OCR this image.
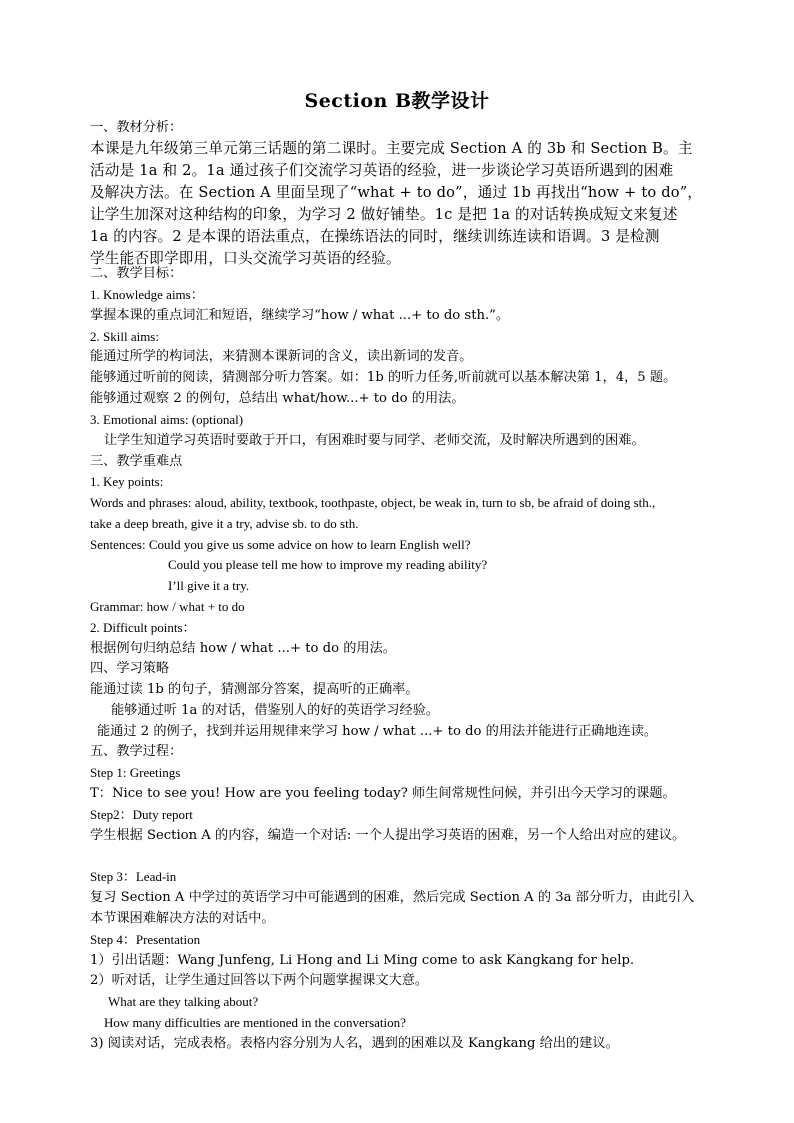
Section B教学设计
一、教材分析：
本课是九年级第三单元第三话题的第二课时。主要完成 Section A 的 3b 和 Section B。主
活动是 1a 和 2。1a 通过孩子们交流学习英语的经验，进一步谈论学习英语所遇到的困难
及解决方法。在 Section A 里面呈现了“what + to do”，通过 1b 再找出“how + to do”，
让学生加深对这种结构的印象，为学习 2 做好铺垫。1c 是把 1a 的对话转换成短文来复述
1a 的内容。2 是本课的语法重点，在操练语法的同时，继续训练连读和语调。3 是检测
学生能否即学即用，口头交流学习英语的经验。
二、教学目标：
1. Knowledge aims：
掌握本课的重点词汇和短语，继续学习“how / what ...+ to do sth.”。
2. Skill aims:
能通过所学的构词法，来猜测本课新词的含义，读出新词的发音。
能够通过听前的阅读，猜测部分听力答案。如：1b 的听力任务,听前就可以基本解决第 1，4，5 题。
能够通过观察 2 的例句，总结出 what/how...+ to do 的用法。
3. Emotional aims: (optional)
让学生知道学习英语时要敢于开口，有困难时要与同学、老师交流，及时解决所遇到的困难。
三、教学重难点
1. Key points:
Words and phrases: aloud, ability, textbook, toothpaste, object, be weak in, turn to sb, be afraid of doing sth.,
take a deep breath, give it a try, advise sb. to do sth.
Sentences: Could you give us some advice on how to learn English well?
Could you please tell me how to improve my reading ability?
I’ll give it a try.
Grammar: how / what + to do
2. Difficult points：
根据例句归纳总结 how / what ...+ to do 的用法。
四、学习策略
能通过读 1b 的句子，猜测部分答案，提高听的正确率。
能够通过听 1a 的对话，借鉴别人的好的英语学习经验。
能通过 2 的例子，找到并运用规律来学习 how / what ...+ to do 的用法并能进行正确地连读。
五、教学过程：
Step 1: Greetings
T：Nice to see you! How are you feeling today? 师生间常规性问候，并引出今天学习的课题。
Step2：Duty report
学生根据 Section A 的内容，编造一个对话: 一个人提出学习英语的困难，另一个人给出对应的建议。
Step 3：Lead-in
复习 Section A 中学过的英语学习中可能遇到的困难，然后完成 Section A 的 3a 部分听力，由此引入
本节课困难解决方法的对话中。
Step 4：Presentation
1）引出话题：Wang Junfeng, Li Hong and Li Ming come to ask Kangkang for help.
2）听对话，让学生通过回答以下两个问题掌握课文大意。
What are they talking about?
How many difficulties are mentioned in the conversation?
3) 阅读对话，完成表格。表格内容分别为人名，遇到的困难以及 Kangkang 给出的建议。
